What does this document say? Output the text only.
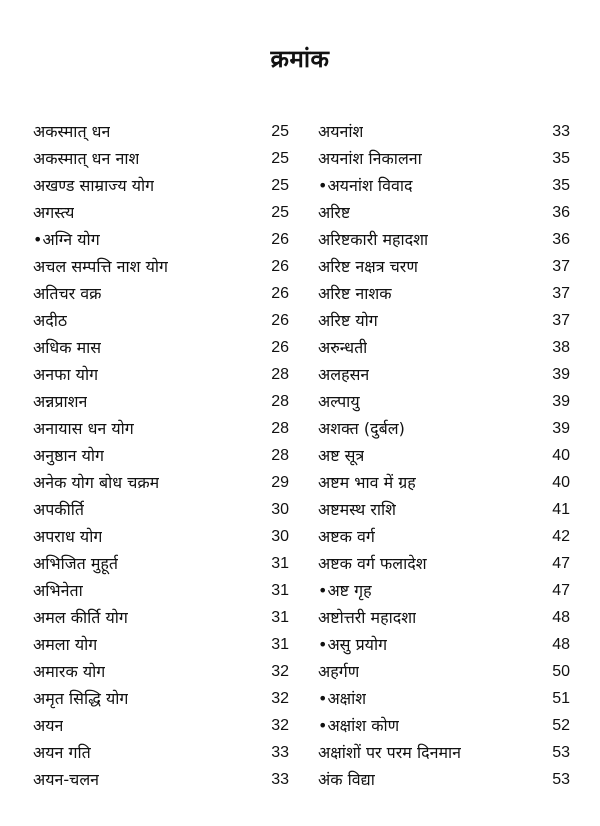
क्रमांक
अकस्मात् धन	25
अकस्मात् धन नाश	25
अखण्ड साम्राज्य योग	25
अगस्त्य	25
•अग्नि योग	26
अचल सम्पत्ति नाश योग	26
अतिचर वक्र	26
अदीठ	26
अधिक मास	26
अनफा योग	28
अन्नप्राशन	28
अनायास धन योग	28
अनुष्ठान योग	28
अनेक योग बोध चक्रम	29
अपकीर्ति	30
अपराध योग	30
अभिजित मुहूर्त	31
अभिनेता	31
अमल कीर्ति योग	31
अमला योग	31
अमारक योग	32
अमृत सिद्धि योग	32
अयन	32
अयन गति	33
अयन-चलन	33
अयनांश	33
अयनांश निकालना	35
•अयनांश विवाद	35
अरिष्ट	36
अरिष्टकारी महादशा	36
अरिष्ट नक्षत्र चरण	37
अरिष्ट नाशक	37
अरिष्ट योग	37
अरुन्धती	38
अलहसन	39
अल्पायु	39
अशक्त (दुर्बल)	39
अष्ट सूत्र	40
अष्टम भाव में ग्रह	40
अष्टमस्थ राशि	41
अष्टक वर्ग	42
अष्टक वर्ग फलादेश	47
•अष्ट गृह	47
अष्टोत्तरी महादशा	48
•असु प्रयोग	48
अहर्गण	50
•अक्षांश	51
•अक्षांश कोण	52
अक्षांशों पर परम दिनमान	53
अंक विद्या	53
